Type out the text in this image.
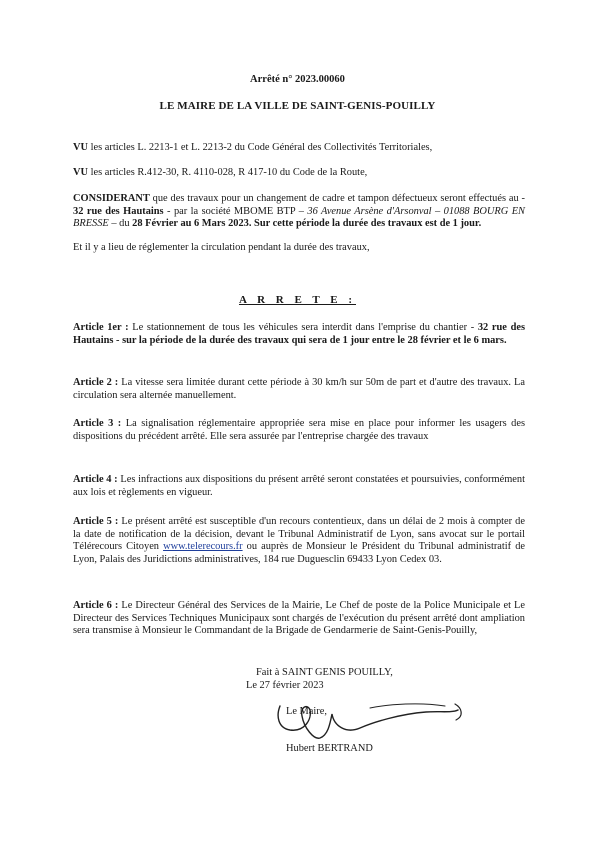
Arrêté n° 2023.00060
LE MAIRE DE LA VILLE DE SAINT-GENIS-POUILLY
VU les articles L. 2213-1 et L. 2213-2 du Code Général des Collectivités Territoriales,
VU les articles R.412-30, R. 4110-028, R 417-10 du Code de la Route,
CONSIDERANT que des travaux pour un changement de cadre et tampon défectueux seront effectués au - 32 rue des Hautains - par la société MBOME BTP – 36 Avenue Arsène d'Arsonval – 01088 BOURG EN BRESSE – du 28 Février au 6 Mars 2023. Sur cette période la durée des travaux est de 1 jour.
Et il y a lieu de réglementer la circulation pendant la durée des travaux,
A R R E T E :
Article 1er : Le stationnement de tous les véhicules sera interdit dans l'emprise du chantier - 32 rue des Hautains - sur la période de la durée des travaux qui sera de 1 jour entre le 28 février et le 6 mars.
Article 2 : La vitesse sera limitée durant cette période à 30 km/h sur 50m de part et d'autre des travaux. La circulation sera alternée manuellement.
Article 3 : La signalisation réglementaire appropriée sera mise en place pour informer les usagers des dispositions du précédent arrêté. Elle sera assurée par l'entreprise chargée des travaux
Article 4 : Les infractions aux dispositions du présent arrêté seront constatées et poursuivies, conformément aux lois et règlements en vigueur.
Article 5 : Le présent arrêté est susceptible d'un recours contentieux, dans un délai de 2 mois à compter de la date de notification de la décision, devant le Tribunal Administratif de Lyon, sans avocat sur le portail Télérecours Citoyen www.telerecours.fr ou auprès de Monsieur le Président du Tribunal administratif de Lyon, Palais des Juridictions administratives, 184 rue Duguesclin 69433 Lyon Cedex 03.
Article 6 : Le Directeur Général des Services de la Mairie, Le Chef de poste de la Police Municipale et Le Directeur des Services Techniques Municipaux sont chargés de l'exécution du présent arrêté dont ampliation sera transmise à Monsieur le Commandant de la Brigade de Gendarmerie de Saint-Genis-Pouilly,
Fait à SAINT GENIS POUILLY,
Le 27 février 2023
Le Maire,
Hubert BERTRAND
